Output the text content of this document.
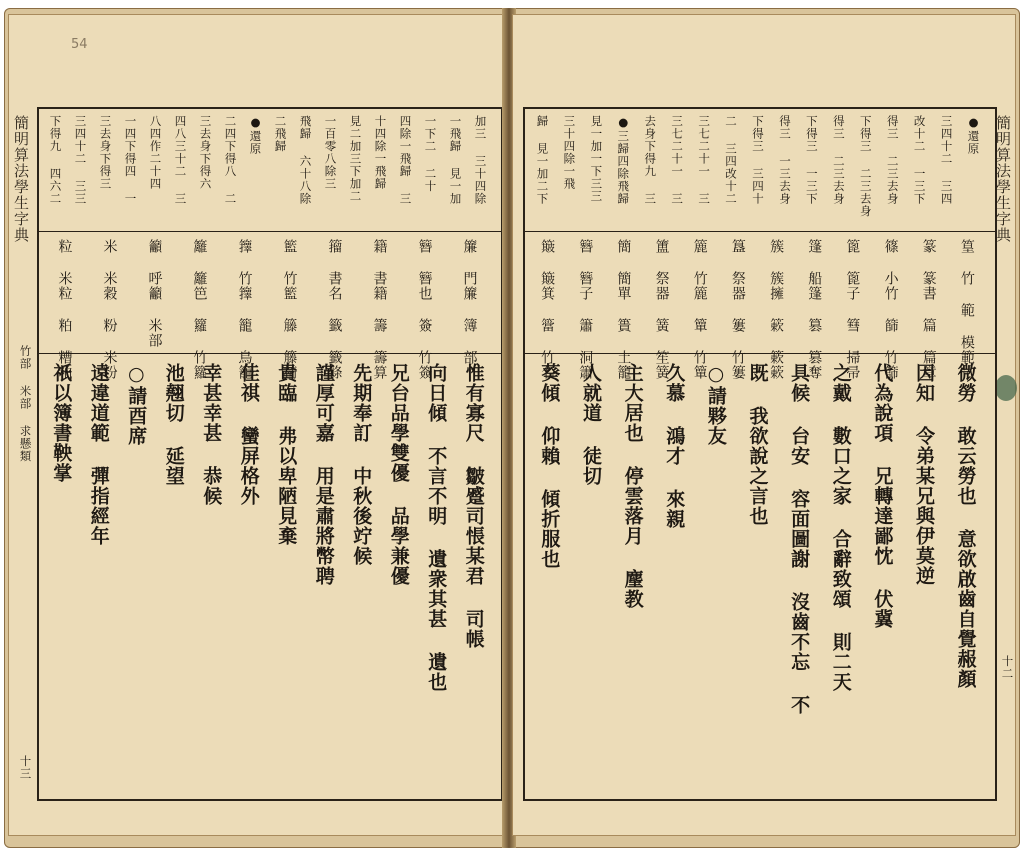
54
簡明算法學生字典
竹部 米部 求懸類
十三
加三 三十四除
一飛歸 見一加
一下二 二十
四除一飛歸 三
十四除一飛歸
見二加三下加二
一百零八除三
飛歸 六十八除
二飛歸
●還原
二四下得八 二
三去身下得六
四八三十二 三
八四作二十四
一四下得四 一
三去身下得三
三四十二 三三
下得九 四六二
簾 門簾 簿 部
簪 簪也 簽 竹簽
籍 書籍 籌 籌算
籀 書名 籤 籤條
籃 竹籃 籐 籐椅
籜 竹籜 籠 鳥籠
籬 籬笆 籮 竹籮
籲 呼籲 米部
米 米穀 粉 米粉
粒 米粒 粕 糟粕
惟有寡尺 皺蹙司悵某君 司帳
向日傾 不言不明 遺衆其甚 遺也
兄台品學雙優 品學兼優
先期奉訂 中秋後竚候
謹厚可嘉 用是肅將幣聘
貴臨 弗以卑陋見棄
佳祺 蠻屏格外
幸甚幸甚 恭候
池翹切 延望
○請酉席
遠違道範 彈指經年
祇以簿書鞅掌
簡明算法學生字典
十二
●還原
三四十二 三四
改十二 一三下
得三 二三去身
下得三 二三去身
得三 二三去身
下得三 一三下
得三 一三去身
下得三 三四十
二 三四改十二
三七二十一 三
三七二十一 三
去身下得九 三
●三歸四除飛歸
見一加一下三三
三十四除一飛
歸 見一加二下
篁 竹 範 模範
篆 篆書 篇 篇章
篠 小竹 篩 竹篩
篦 篦子 篲 掃帚
篷 船篷 篡 篡奪
簇 簇擁 簌 簌簌
簋 祭器 簍 竹簍
簏 竹簏 簞 竹簞
簠 祭器 簧 笙簧
簡 簡單 簣 土籠
簪 簪子 簫 洞簫
簸 簸箕 簹 竹名
微勞 敢云勞也 意欲啟齒自覺赧顏
因知 令弟某兄與伊莫逆
代為說項 兄轉達鄙忱 伏冀
之戴 數口之家 合辭致頌 則二天
具候 台安 容面圖謝 沒齒不忘 不
既 我欲說之言也
○請夥友
久慕 鴻才 來親
主大居也 停雲落月 麈教
人就道 徒切
葵傾 仰賴 傾折服也
